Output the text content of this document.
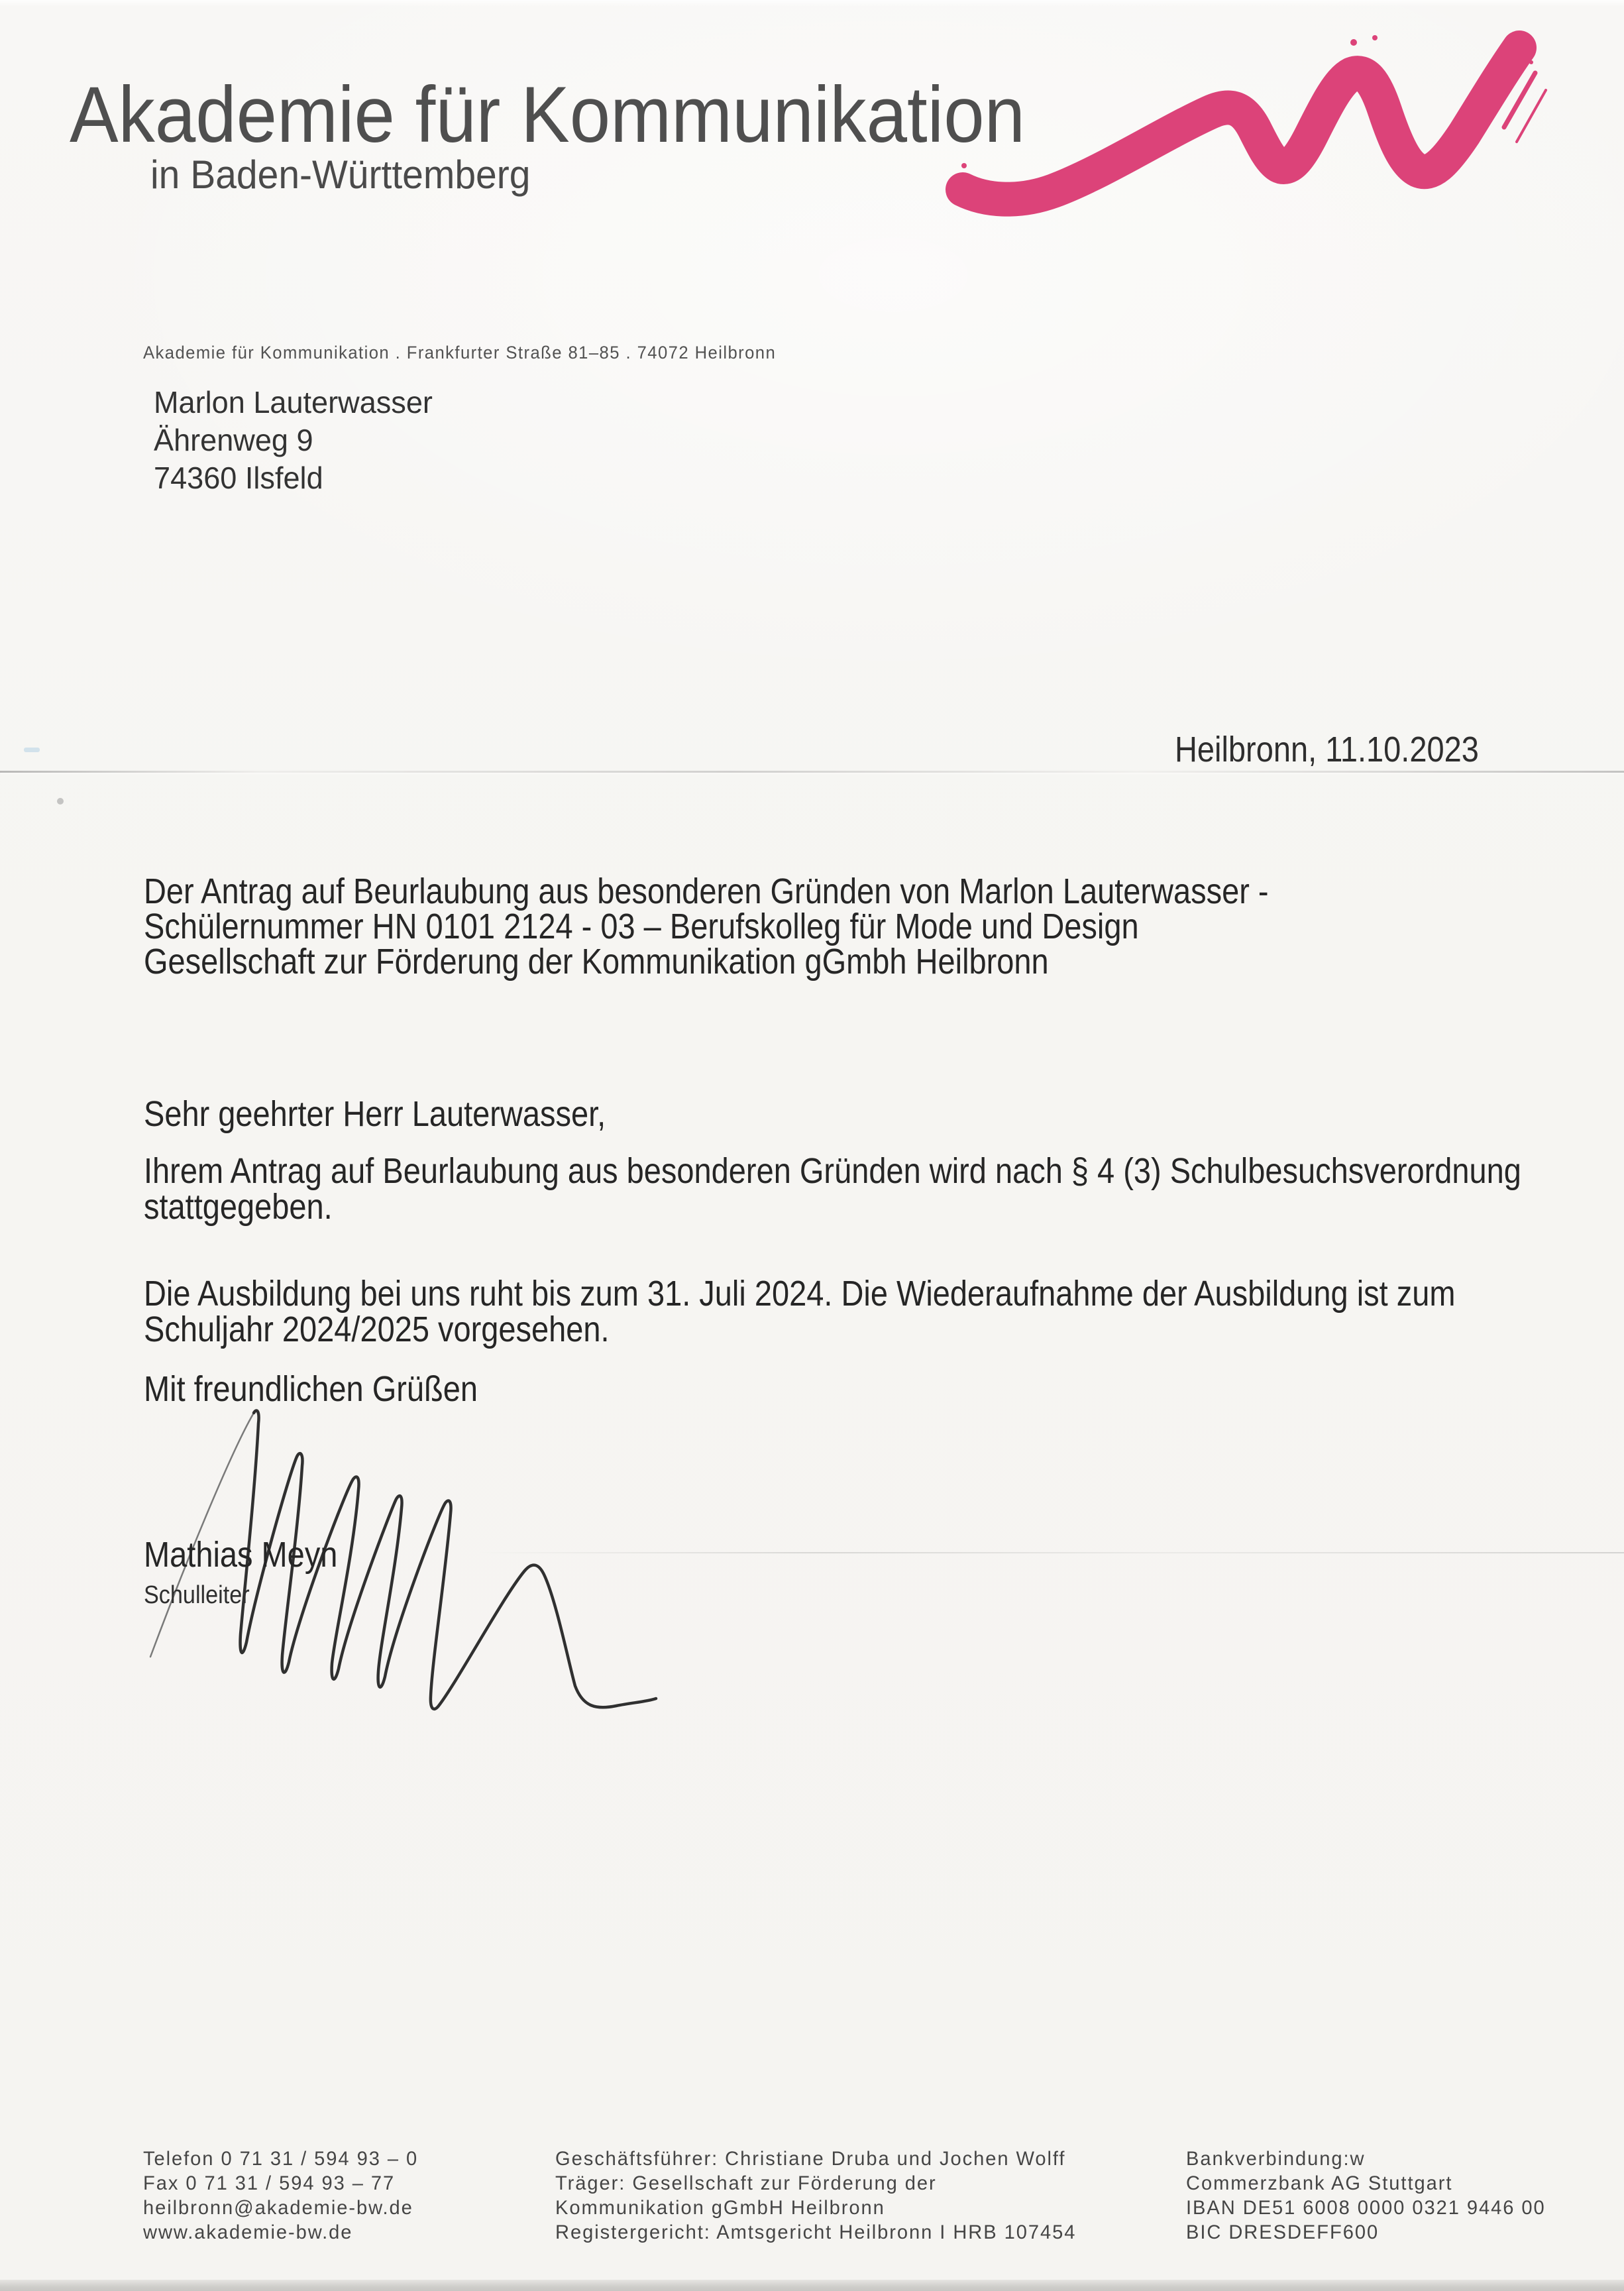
Akademie für Kommunikation
in Baden-Württemberg
Akademie für Kommunikation . Frankfurter Straße 81–85 . 74072 Heilbronn
Marlon Lauterwasser
Ährenweg 9
74360 Ilsfeld
Heilbronn, 11.10.2023
Der Antrag auf Beurlaubung aus besonderen Gründen von Marlon Lauterwasser -
Schülernummer HN 0101 2124 - 03 – Berufskolleg für Mode und Design
Gesellschaft zur Förderung der Kommunikation gGmbh Heilbronn
Sehr geehrter Herr Lauterwasser,
Ihrem Antrag auf Beurlaubung aus besonderen Gründen wird nach § 4 (3) Schulbesuchsverordnung
stattgegeben.
Die Ausbildung bei uns ruht bis zum 31. Juli 2024. Die Wiederaufnahme der Ausbildung ist zum
Schuljahr 2024/2025 vorgesehen.
Mit freundlichen Grüßen
Mathias Meyn
Schulleiter
Telefon 0 71 31 / 594 93 – 0
Fax 0 71 31 / 594 93 – 77
heilbronn@akademie-bw.de
www.akademie-bw.de
Geschäftsführer: Christiane Druba und Jochen Wolff
Träger: Gesellschaft zur Förderung der
Kommunikation gGmbH Heilbronn
Registergericht: Amtsgericht Heilbronn I HRB 107454
Bankverbindung:w
Commerzbank AG Stuttgart
IBAN DE51 6008 0000 0321 9446 00
BIC DRESDEFF600
